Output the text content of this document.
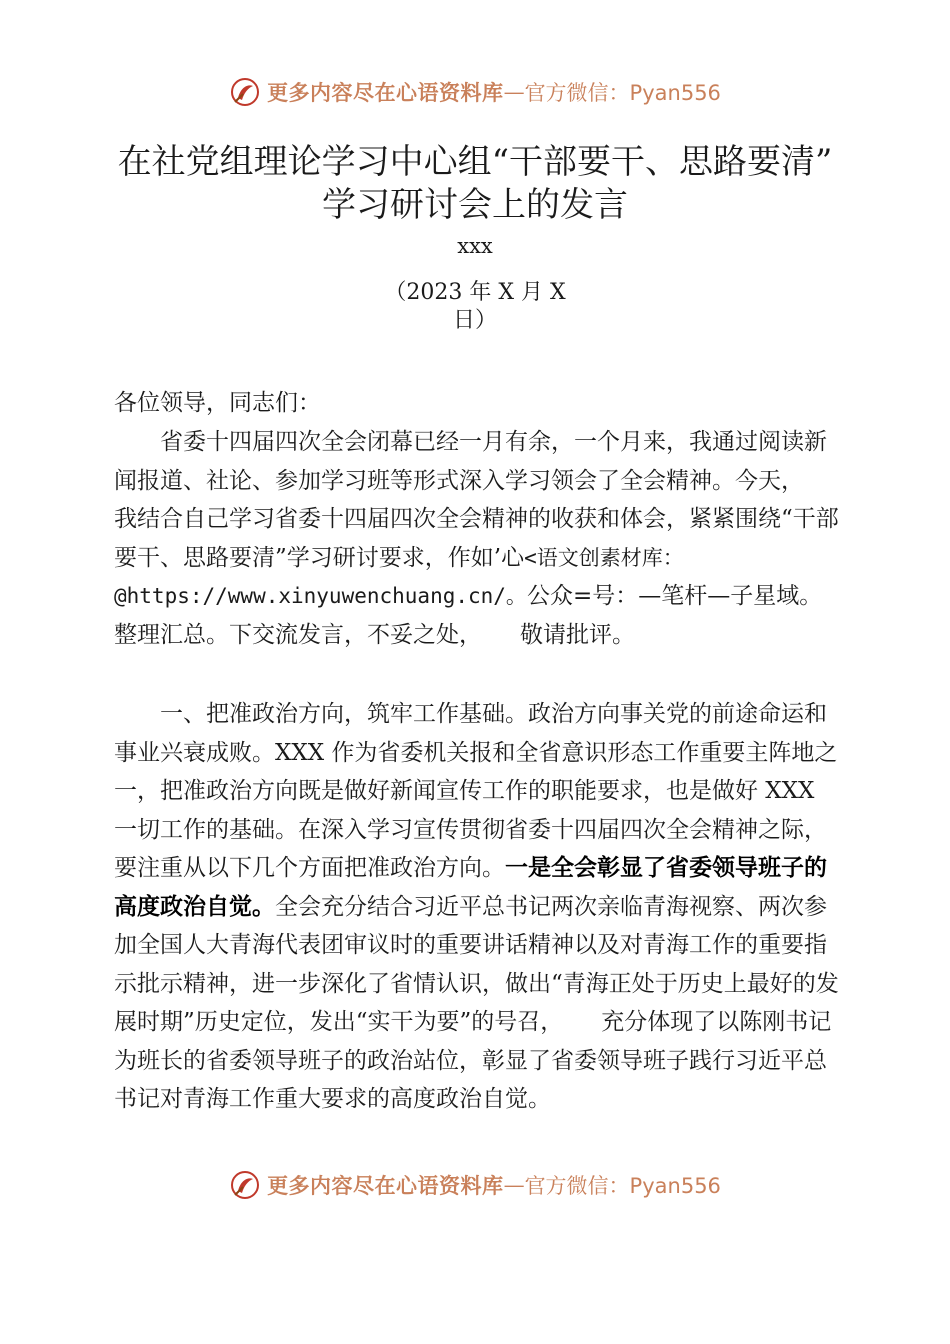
更多内容尽在心语资料库 — 官方微信：Pyan556
在社党组理论学习中心组“干部要干、思路要清”
学习研讨会上的发言
xxx
（2023 年 X 月 X
日）

各位领导，同志们：

省委十四届四次全会闭幕已经一月有余，一个月来，我通过阅读新闻报道、社论、参加学习班等形式深入学习领会了全会精神。今天，我结合自己学习省委十四届四次全会精神的收获和体会，紧紧围绕“干部要干、思路要清”学习研讨要求，作如’心<语文创素材库：@https://www.xinyuwenchuang.cn/。公众=号：—笔杆—子星域。整理汇总。下交流发言，不妥之处， 敬请批评。

一、把准政治方向，筑牢工作基础。政治方向事关党的前途命运和事业兴衰成败。XXX 作为省委机关报和全省意识形态工作重要主阵地之一，把准政治方向既是做好新闻宣传工作的职能要求，也是做好 XXX 一切工作的基础。在深入学习宣传贯彻省委十四届四次全会精神之际，要注重从以下几个方面把准政治方向。一是全会彰显了省委领导班子的高度政治自觉。全会充分结合习近平总书记两次亲临青海视察、两次参加全国人大青海代表团审议时的重要讲话精神以及对青海工作的重要指示批示精神，进一步深化了省情认识，做出“青海正处于历史上最好的发展时期”历史定位，发出“实干为要”的号召， 充分体现了以陈刚书记为班长的省委领导班子的政治站位，彰显了省委领导班子践行习近平总书记对青海工作重大要求的高度政治自觉。

更多内容尽在心语资料库 — 官方微信：Pyan556
